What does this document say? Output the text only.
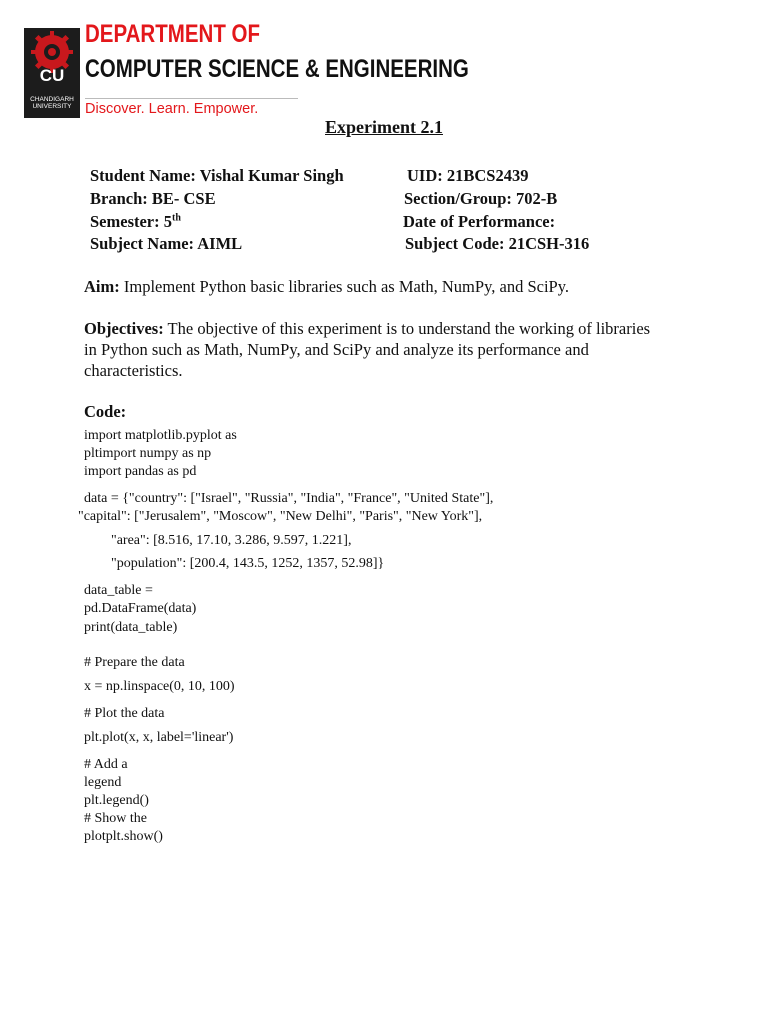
CU
CHANDIGARH UNIVERSITY
DEPARTMENT OF
COMPUTER SCIENCE & ENGINEERING
Discover. Learn. Empower.
Experiment 2.1
Student Name: Vishal Kumar Singh	UID: 21BCS2439
Branch: BE- CSE	Section/Group: 702-B
Semester: 5th	Date of Performance:
Subject Name: AIML	Subject Code: 21CSH-316
Aim: Implement Python basic libraries such as Math, NumPy, and SciPy.
Objectives: The objective of this experiment is to understand the working of libraries in Python such as Math, NumPy, and SciPy and analyze its performance and characteristics.
Code:
import matplotlib.pyplot as
pltimport numpy as np
import pandas as pd
data = {"country": ["Israel", "Russia", "India", "France", "United State"],
"capital": ["Jerusalem", "Moscow", "New Delhi", "Paris", "New York"],
"area": [8.516, 17.10, 3.286, 9.597, 1.221],
"population": [200.4, 143.5, 1252, 1357, 52.98]}
data_table =
pd.DataFrame(data)
print(data_table)
# Prepare the data
x = np.linspace(0, 10, 100)
# Plot the data
plt.plot(x, x, label='linear')
# Add a
legend
plt.legend()
# Show the
plotplt.show()
